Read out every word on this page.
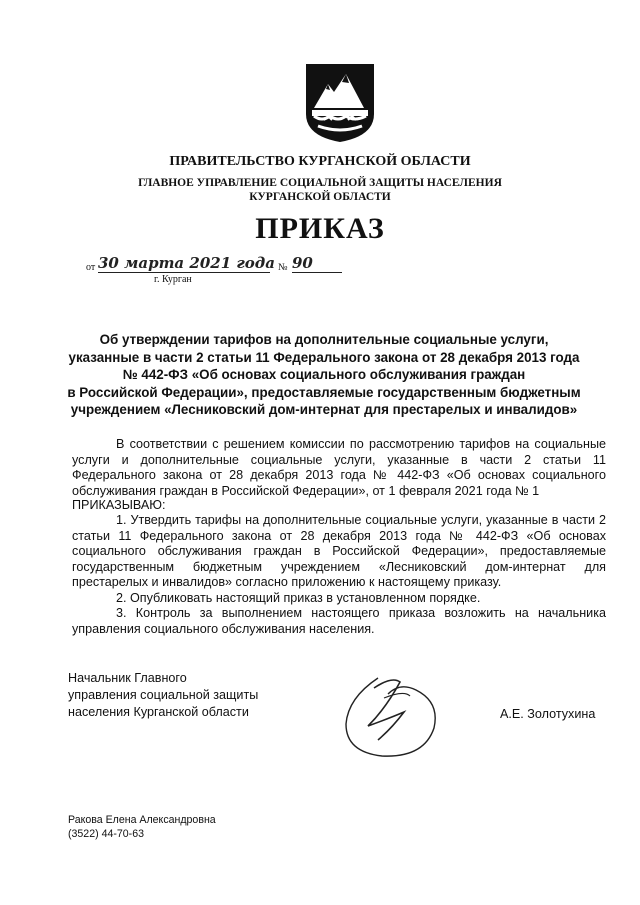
ПРАВИТЕЛЬСТВО КУРГАНСКОЙ ОБЛАСТИ
ГЛАВНОЕ УПРАВЛЕНИЕ СОЦИАЛЬНОЙ ЗАЩИТЫ НАСЕЛЕНИЯ
КУРГАНСКОЙ ОБЛАСТИ
ПРИКАЗ
от 30 марта 2021 года № 90
г. Курган
Об утверждении тарифов на дополнительные социальные услуги,
указанные в части 2 статьи 11 Федерального закона от 28 декабря 2013 года
№ 442-ФЗ «Об основах социального обслуживания граждан
в Российской Федерации», предоставляемые государственным бюджетным
учреждением «Лесниковский дом-интернат для престарелых и инвалидов»
В соответствии с решением комиссии по рассмотрению тарифов на социальные услуги и дополнительные социальные услуги, указанные в части 2 статьи 11 Федерального закона от 28 декабря 2013 года № 442-ФЗ «Об основах социального обслуживания граждан в Российской Федерации», от 1 февраля 2021 года № 1
ПРИКАЗЫВАЮ:
1. Утвердить тарифы на дополнительные социальные услуги, указанные в части 2 статьи 11 Федерального закона от 28 декабря 2013 года № 442-ФЗ «Об основах социального обслуживания граждан в Российской Федерации», предоставляемые государственным бюджетным учреждением «Лесниковский дом-интернат для престарелых и инвалидов» согласно приложению к настоящему приказу.
2. Опубликовать настоящий приказ в установленном порядке.
3. Контроль за выполнением настоящего приказа возложить на начальника управления социального обслуживания населения.
Начальник Главного
управления социальной защиты
населения Курганской области	А.Е. Золотухина
Ракова Елена Александровна
(3522) 44-70-63
